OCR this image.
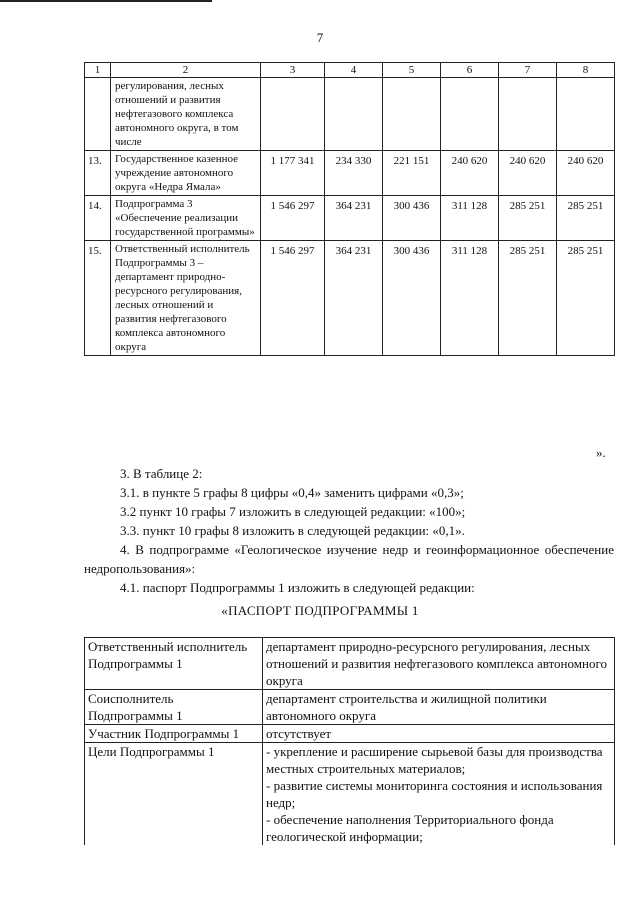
7
1	2	3	4	5	6	7	8
	регулирования, лесных отношений и развития нефтегазового комплекса автономного округа, в том числе						
13.	Государственное казенное учреждение автономного округа «Недра Ямала»	1 177 341	234 330	221 151	240 620	240 620	240 620
14.	Подпрограмма 3 «Обеспечение реализации государственной программы»	1 546 297	364 231	300 436	311 128	285 251	285 251
15.	Ответственный исполнитель Подпрограммы 3 – департамент природно-ресурсного регулирования, лесных отношений и развития нефтегазового комплекса автономного округа	1 546 297	364 231	300 436	311 128	285 251	285 251
».

3. В таблице 2:

3.1. в пункте 5 графы 8 цифры «0,4» заменить цифрами «0,3»;

3.2 пункт 10 графы 7 изложить в следующей редакции: «100»;

3.3. пункт 10 графы 8 изложить в следующей редакции: «0,1».

4. В подпрограмме «Геологическое изучение недр и геоинформационное обеспечение недропользования»:

4.1. паспорт Подпрограммы 1 изложить в следующей редакции:

«ПАСПОРТ ПОДПРОГРАММЫ 1
Ответственный исполнитель Подпрограммы 1	департамент природно-ресурсного регулирования, лесных отношений и развития нефтегазового комплекса автономного округа
Соисполнитель Подпрограммы 1	департамент строительства и жилищной политики автономного округа
Участник Подпрограммы 1	отсутствует
Цели Подпрограммы 1	- укрепление и расширение сырьевой базы для производства местных строительных материалов;
- развитие системы мониторинга состояния и использования недр;
- обеспечение наполнения Территориального фонда геологической информации;
